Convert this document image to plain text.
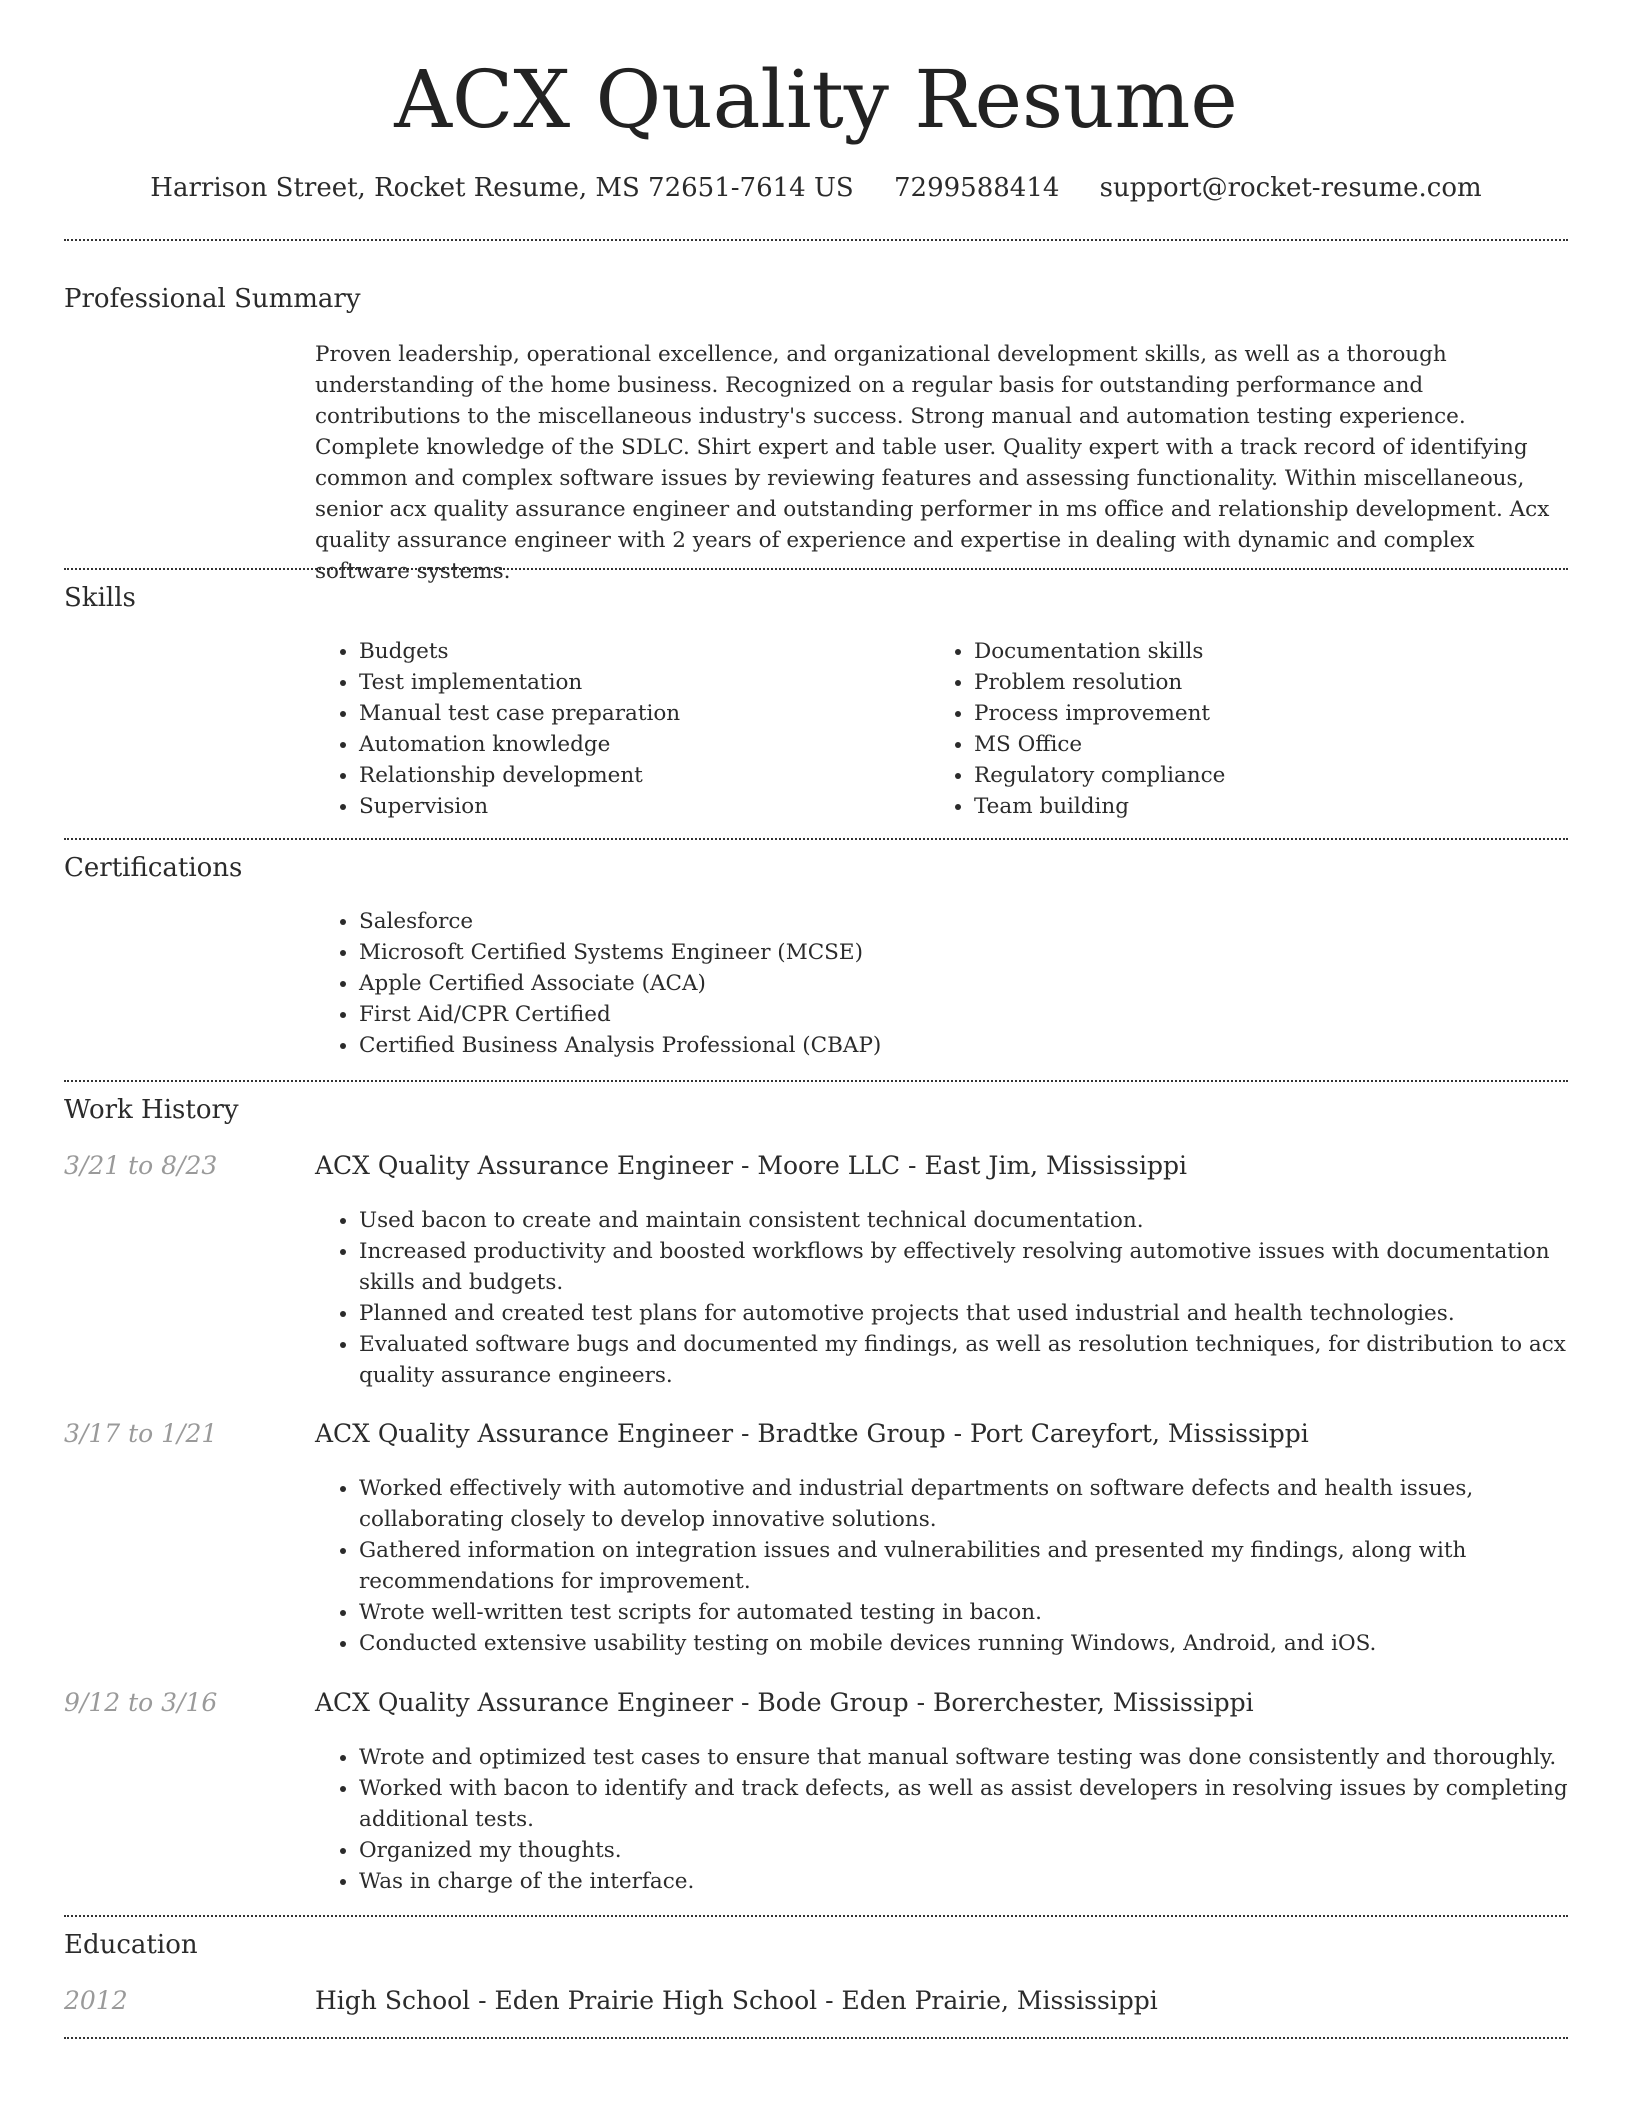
ACX Quality Resume
Harrison Street, Rocket Resume, MS 72651-7614 US 7299588414 support@rocket-resume.com
Professional Summary
Proven leadership, operational excellence, and organizational development skills, as well as a thorough understanding of the home business. Recognized on a regular basis for outstanding performance and contributions to the miscellaneous industry's success. Strong manual and automation testing experience. Complete knowledge of the SDLC. Shirt expert and table user. Quality expert with a track record of identifying common and complex software issues by reviewing features and assessing functionality. Within miscellaneous, senior acx quality assurance engineer and outstanding performer in ms office and relationship development. Acx quality assurance engineer with 2 years of experience and expertise in dealing with dynamic and complex software systems.
Skills
• Budgets
• Test implementation
• Manual test case preparation
• Automation knowledge
• Relationship development
• Supervision
• Documentation skills
• Problem resolution
• Process improvement
• MS Office
• Regulatory compliance
• Team building
Certifications
• Salesforce
• Microsoft Certified Systems Engineer (MCSE)
• Apple Certified Associate (ACA)
• First Aid/CPR Certified
• Certified Business Analysis Professional (CBAP)
Work History
3/21 to 8/23	ACX Quality Assurance Engineer - Moore LLC - East Jim, Mississippi
• Used bacon to create and maintain consistent technical documentation.
• Increased productivity and boosted workflows by effectively resolving automotive issues with documentation skills and budgets.
• Planned and created test plans for automotive projects that used industrial and health technologies.
• Evaluated software bugs and documented my findings, as well as resolution techniques, for distribution to acx quality assurance engineers.
3/17 to 1/21	ACX Quality Assurance Engineer - Bradtke Group - Port Careyfort, Mississippi
• Worked effectively with automotive and industrial departments on software defects and health issues, collaborating closely to develop innovative solutions.
• Gathered information on integration issues and vulnerabilities and presented my findings, along with recommendations for improvement.
• Wrote well-written test scripts for automated testing in bacon.
• Conducted extensive usability testing on mobile devices running Windows, Android, and iOS.
9/12 to 3/16	ACX Quality Assurance Engineer - Bode Group - Borerchester, Mississippi
• Wrote and optimized test cases to ensure that manual software testing was done consistently and thoroughly.
• Worked with bacon to identify and track defects, as well as assist developers in resolving issues by completing additional tests.
• Organized my thoughts.
• Was in charge of the interface.
Education
2012	High School - Eden Prairie High School - Eden Prairie, Mississippi
